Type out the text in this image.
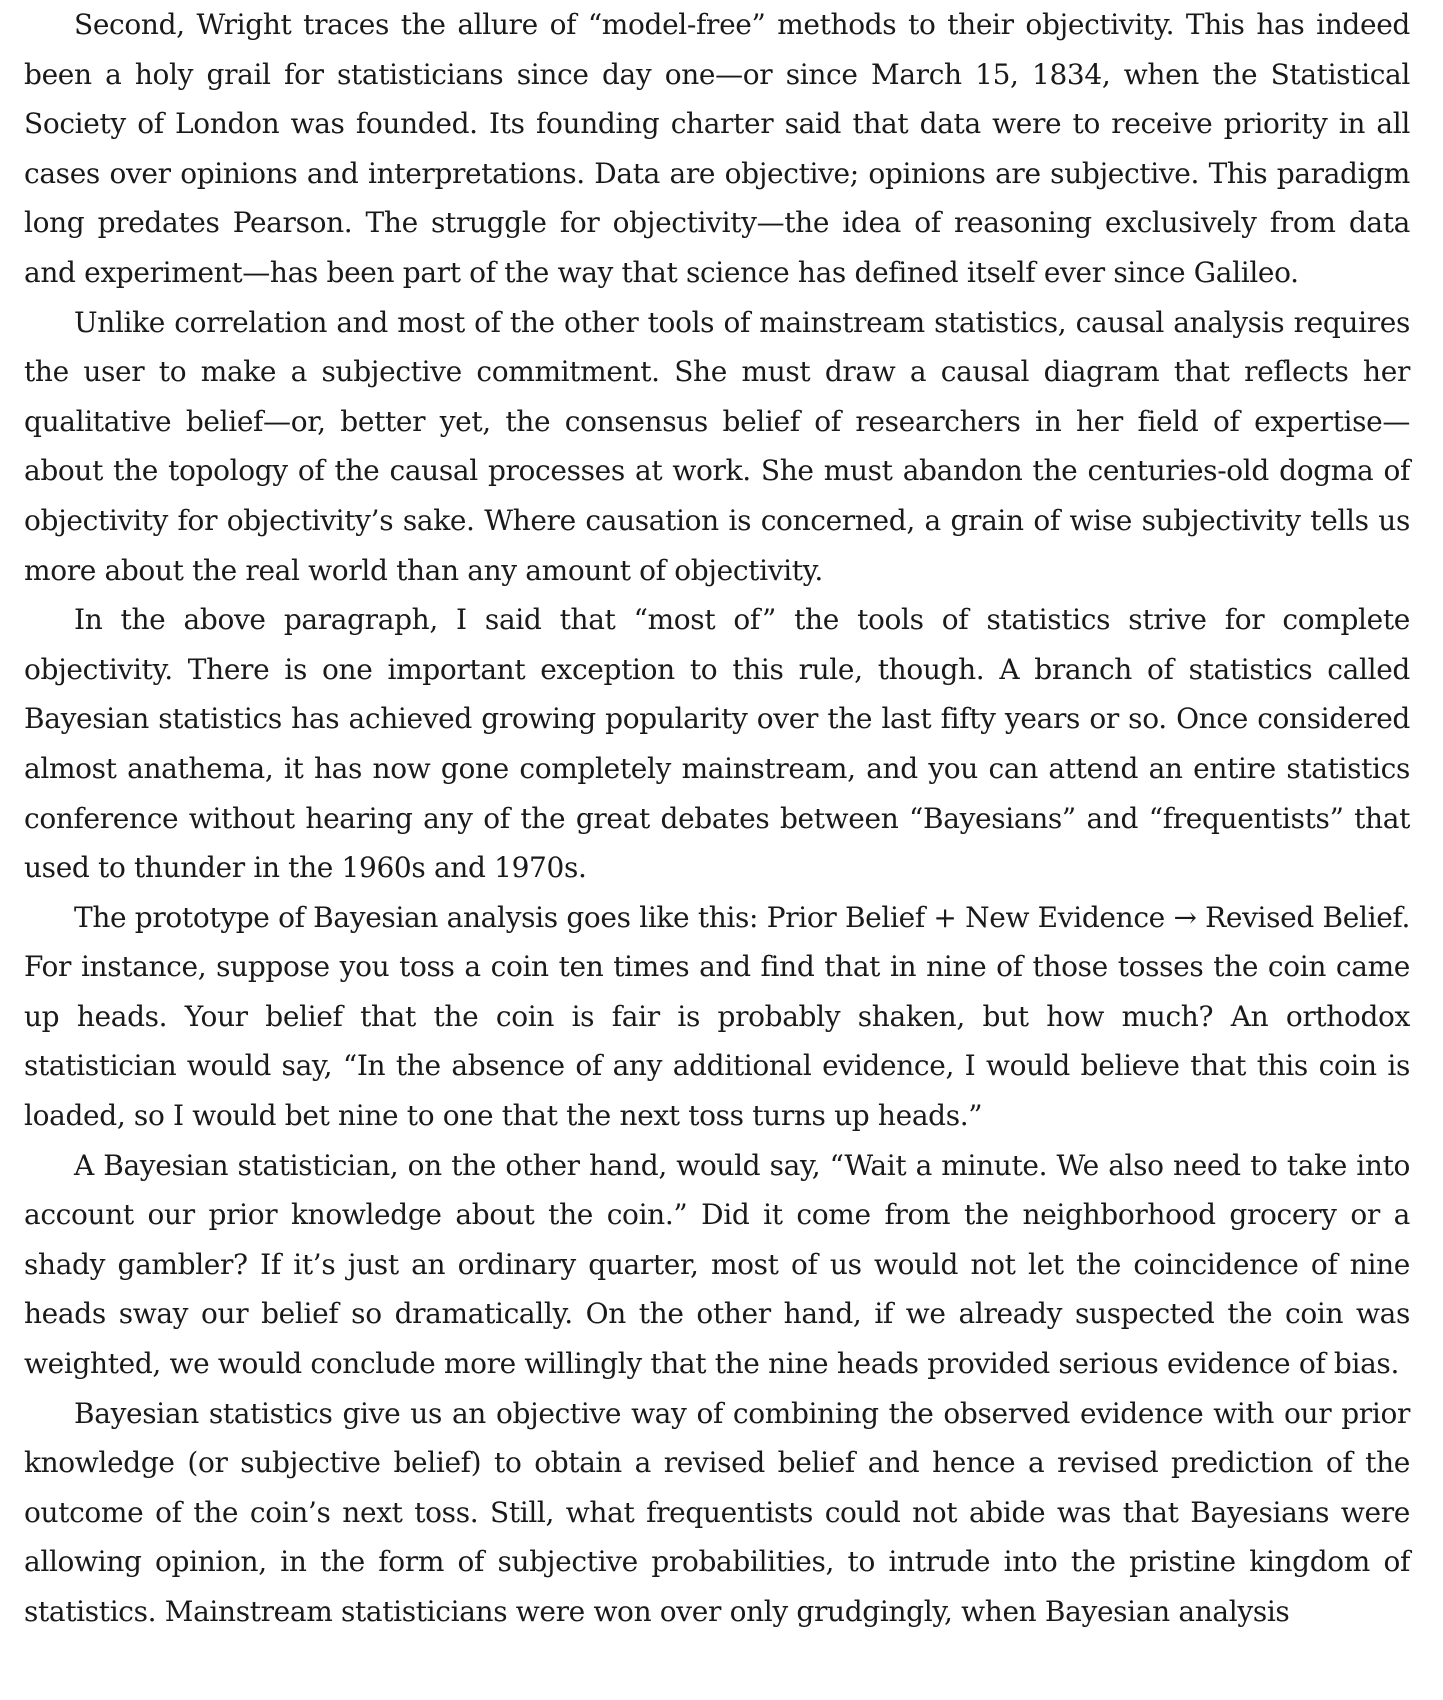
Second, Wright traces the allure of “model-free” methods to their objectivity. This has indeed been a holy grail for statisticians since day one—or since March 15, 1834, when the Statistical Society of London was founded. Its founding charter said that data were to receive priority in all cases over opinions and interpretations. Data are objective; opinions are subjective. This paradigm long predates Pearson. The struggle for objectivity—the idea of reasoning exclusively from data and experiment—has been part of the way that science has defined itself ever since Galileo.

Unlike correlation and most of the other tools of mainstream statistics, causal analysis requires the user to make a subjective commitment. She must draw a causal diagram that reflects her qualitative belief—or, better yet, the consensus belief of researchers in her field of expertise—about the topology of the causal processes at work. She must abandon the centuries-old dogma of objectivity for objectivity’s sake. Where causation is concerned, a grain of wise subjectivity tells us more about the real world than any amount of objectivity.

In the above paragraph, I said that “most of” the tools of statistics strive for complete objectivity. There is one important exception to this rule, though. A branch of statistics called Bayesian statistics has achieved growing popularity over the last fifty years or so. Once considered almost anathema, it has now gone completely mainstream, and you can attend an entire statistics conference without hearing any of the great debates between “Bayesians” and “frequentists” that used to thunder in the 1960s and 1970s.

The prototype of Bayesian analysis goes like this: Prior Belief + New Evidence → Revised Belief. For instance, suppose you toss a coin ten times and find that in nine of those tosses the coin came up heads. Your belief that the coin is fair is probably shaken, but how much? An orthodox statistician would say, “In the absence of any additional evidence, I would believe that this coin is loaded, so I would bet nine to one that the next toss turns up heads.”

A Bayesian statistician, on the other hand, would say, “Wait a minute. We also need to take into account our prior knowledge about the coin.” Did it come from the neighborhood grocery or a shady gambler? If it’s just an ordinary quarter, most of us would not let the coincidence of nine heads sway our belief so dramatically. On the other hand, if we already suspected the coin was weighted, we would conclude more willingly that the nine heads provided serious evidence of bias.

Bayesian statistics give us an objective way of combining the observed evidence with our prior knowledge (or subjective belief) to obtain a revised belief and hence a revised prediction of the outcome of the coin’s next toss. Still, what frequentists could not abide was that Bayesians were allowing opinion, in the form of subjective probabilities, to intrude into the pristine kingdom of statistics. Mainstream statisticians were won over only grudgingly, when Bayesian analysis
